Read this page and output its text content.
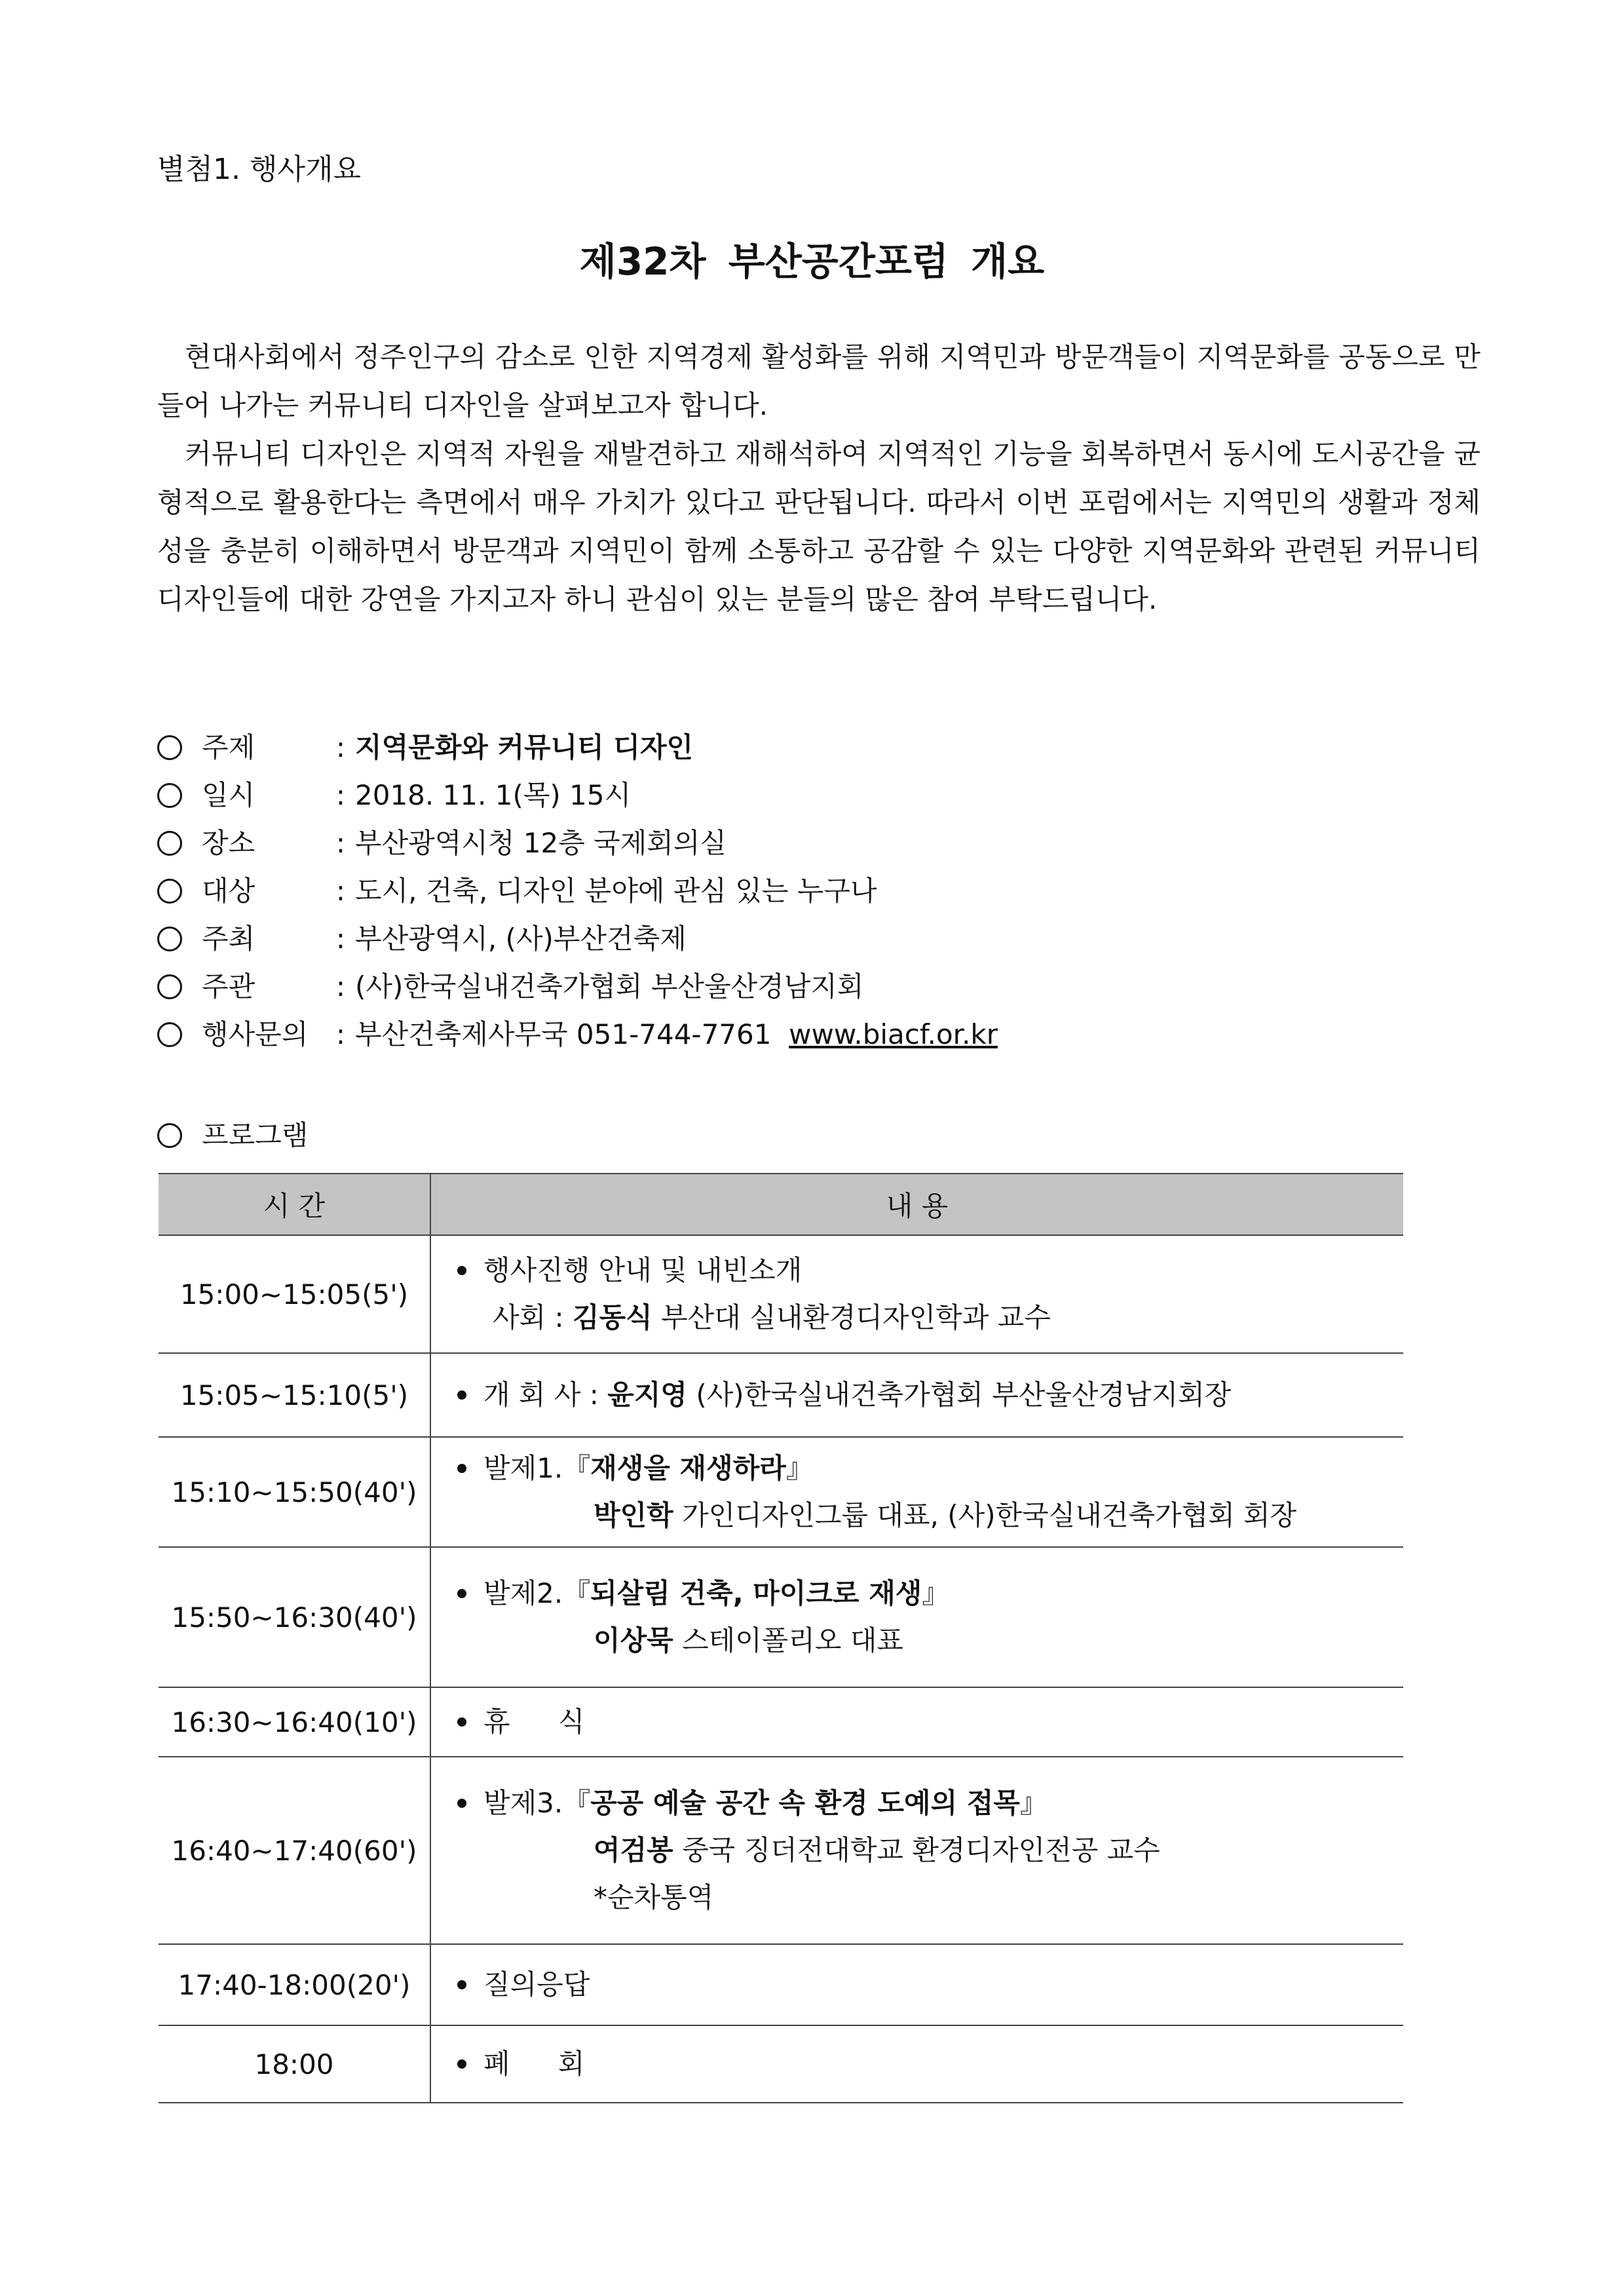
별첨1. 행사개요
제32차 부산공간포럼 개요

현대사회에서 정주인구의 감소로 인한 지역경제 활성화를 위해 지역민과 방문객들이 지역문화를 공동으로 만들어 나가는 커뮤니티 디자인을 살펴보고자 합니다.

커뮤니티 디자인은 지역적 자원을 재발견하고 재해석하여 지역적인 기능을 회복하면서 동시에 도시공간을 균형적으로 활용한다는 측면에서 매우 가치가 있다고 판단됩니다. 따라서 이번 포럼에서는 지역민의 생활과 정체성을 충분히 이해하면서 방문객과 지역민이 함께 소통하고 공감할 수 있는 다양한 지역문화와 관련된 커뮤니티 디자인들에 대한 강연을 가지고자 하니 관심이 있는 분들의 많은 참여 부탁드립니다.

주제	: 지역문화와 커뮤니티 디자인
일시	: 2018. 11. 1(목) 15시
장소	: 부산광역시청 12층 국제회의실
대상	: 도시, 건축, 디자인 분야에 관심 있는 누구나
주최	: 부산광역시, (사)부산건축제
주관	: (사)한국실내건축가협회 부산울산경남지회
행사문의 : 부산건축제사무국 051-744-7761 www.biacf.or.kr
프로그램
시 간	내 용
15:00~15:05(5')	행사진행 안내 및 내빈소개
사회 : 김동식 부산대 실내환경디자인학과 교수

15:05~15:10(5')	개 회 사 : 윤지영 (사)한국실내건축가협회 부산울산경남지회장

15:10~15:50(40')	발제1.『재생을 재생하라』
박인학 가인디자인그룹 대표, (사)한국실내건축가협회 회장

15:50~16:30(40')	발제2.『되살림 건축, 마이크로 재생』
이상묵 스테이폴리오 대표

16:30~16:40(10')	휴 식

16:40~17:40(60')	발제3.『공공 예술 공간 속 환경 도예의 접목』
여검봉 중국 징더전대학교 환경디자인전공 교수
*순차통역

17:40-18:00(20')	질의응답

18:00	폐 회
